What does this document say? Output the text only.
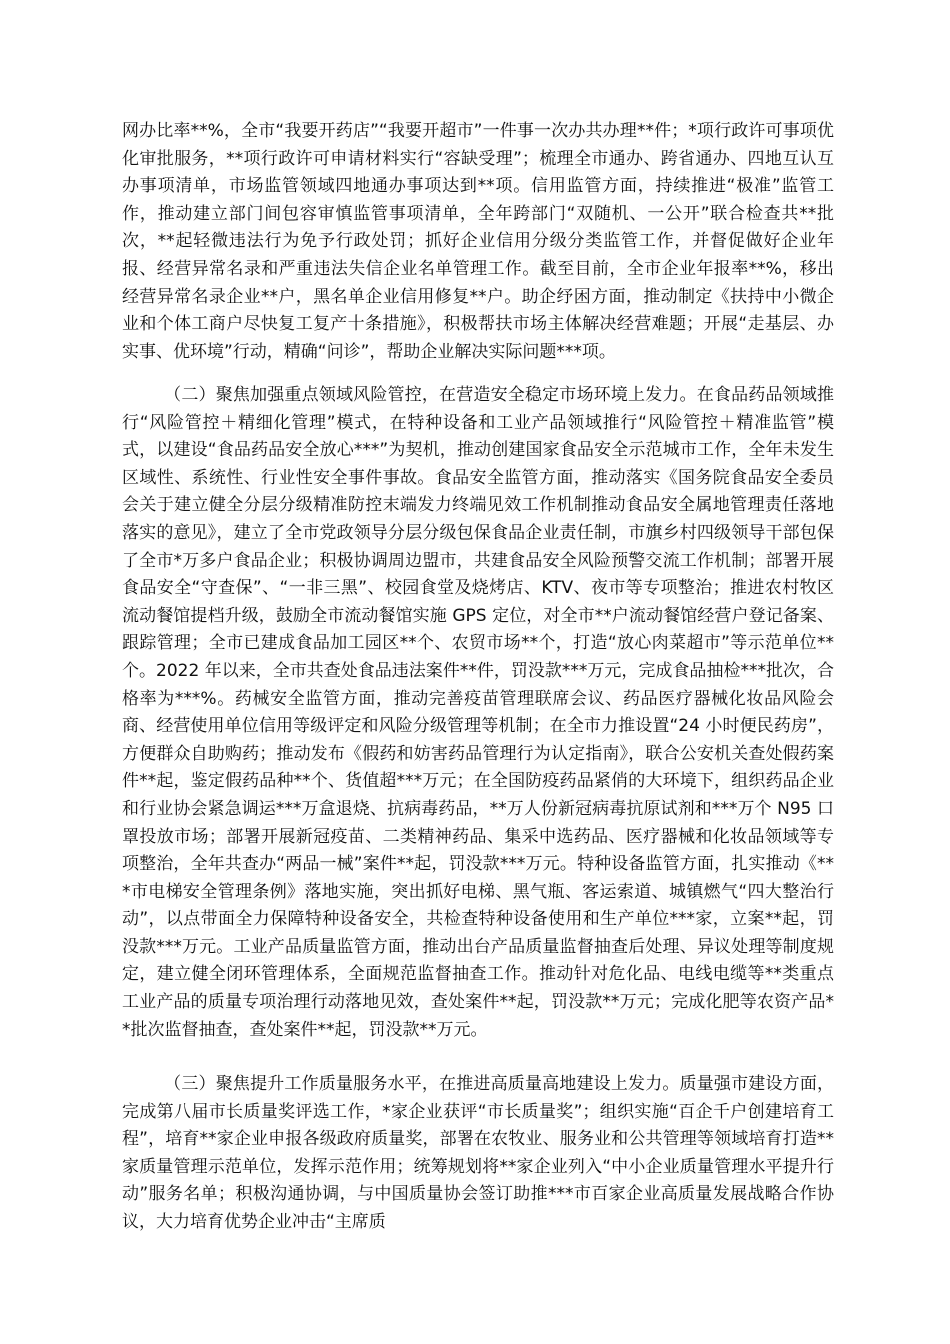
网办比率**%，全市“我要开药店”“我要开超市”一件事一次办共办理**件；*项行政许可事项优化审批服务，**项行政许可申请材料实行“容缺受理”；梳理全市通办、跨省通办、四地互认互办事项清单，市场监管领域四地通办事项达到**项。信用监管方面，持续推进“极准”监管工作，推动建立部门间包容审慎监管事项清单，全年跨部门“双随机、一公开”联合检查共**批次，**起轻微违法行为免予行政处罚；抓好企业信用分级分类监管工作，并督促做好企业年报、经营异常名录和严重违法失信企业名单管理工作。截至目前，全市企业年报率**%，移出经营异常名录企业**户，黑名单企业信用修复**户。助企纾困方面，推动制定《扶持中小微企业和个体工商户尽快复工复产十条措施》，积极帮扶市场主体解决经营难题；开展“走基层、办实事、优环境”行动，精确“问诊”，帮助企业解决实际问题***项。
（二）聚焦加强重点领域风险管控，在营造安全稳定市场环境上发力。在食品药品领域推行“风险管控＋精细化管理”模式，在特种设备和工业产品领域推行“风险管控＋精准监管”模式，以建设“食品药品安全放心***”为契机，推动创建国家食品安全示范城市工作，全年未发生区域性、系统性、行业性安全事件事故。食品安全监管方面，推动落实《国务院食品安全委员会关于建立健全分层分级精准防控末端发力终端见效工作机制推动食品安全属地管理责任落地落实的意见》，建立了全市党政领导分层分级包保食品企业责任制，市旗乡村四级领导干部包保了全市*万多户食品企业；积极协调周边盟市，共建食品安全风险预警交流工作机制；部署开展食品安全“守查保”、“一非三黑”、校园食堂及烧烤店、KTV、夜市等专项整治；推进农村牧区流动餐馆提档升级，鼓励全市流动餐馆实施 GPS 定位，对全市**户流动餐馆经营户登记备案、跟踪管理；全市已建成食品加工园区**个、农贸市场**个，打造“放心肉菜超市”等示范单位**个。2022 年以来，全市共查处食品违法案件**件，罚没款***万元，完成食品抽检***批次，合格率为***%。药械安全监管方面，推动完善疫苗管理联席会议、药品医疗器械化妆品风险会商、经营使用单位信用等级评定和风险分级管理等机制；在全市力推设置“24 小时便民药房”，方便群众自助购药；推动发布《假药和妨害药品管理行为认定指南》，联合公安机关查处假药案件**起，鉴定假药品种**个、货值超***万元；在全国防疫药品紧俏的大环境下，组织药品企业和行业协会紧急调运***万盒退烧、抗病毒药品，**万人份新冠病毒抗原试剂和***万个 N95 口罩投放市场；部署开展新冠疫苗、二类精神药品、集采中选药品、医疗器械和化妆品领域等专项整治，全年共查办“两品一械”案件**起，罚没款***万元。特种设备监管方面，扎实推动《***市电梯安全管理条例》落地实施，突出抓好电梯、黑气瓶、客运索道、城镇燃气“四大整治行动”，以点带面全力保障特种设备安全，共检查特种设备使用和生产单位***家，立案**起，罚没款***万元。工业产品质量监管方面，推动出台产品质量监督抽查后处理、异议处理等制度规定，建立健全闭环管理体系，全面规范监督抽查工作。推动针对危化品、电线电缆等**类重点工业产品的质量专项治理行动落地见效，查处案件**起，罚没款**万元；完成化肥等农资产品**批次监督抽查，查处案件**起，罚没款**万元。
（三）聚焦提升工作质量服务水平，在推进高质量高地建设上发力。质量强市建设方面，完成第八届市长质量奖评选工作，*家企业获评“市长质量奖”；组织实施“百企千户创建培育工程”，培育**家企业申报各级政府质量奖，部署在农牧业、服务业和公共管理等领域培育打造**家质量管理示范单位，发挥示范作用；统筹规划将**家企业列入“中小企业质量管理水平提升行动”服务名单；积极沟通协调，与中国质量协会签订助推***市百家企业高质量发展战略合作协议，大力培育优势企业冲击“主席质
